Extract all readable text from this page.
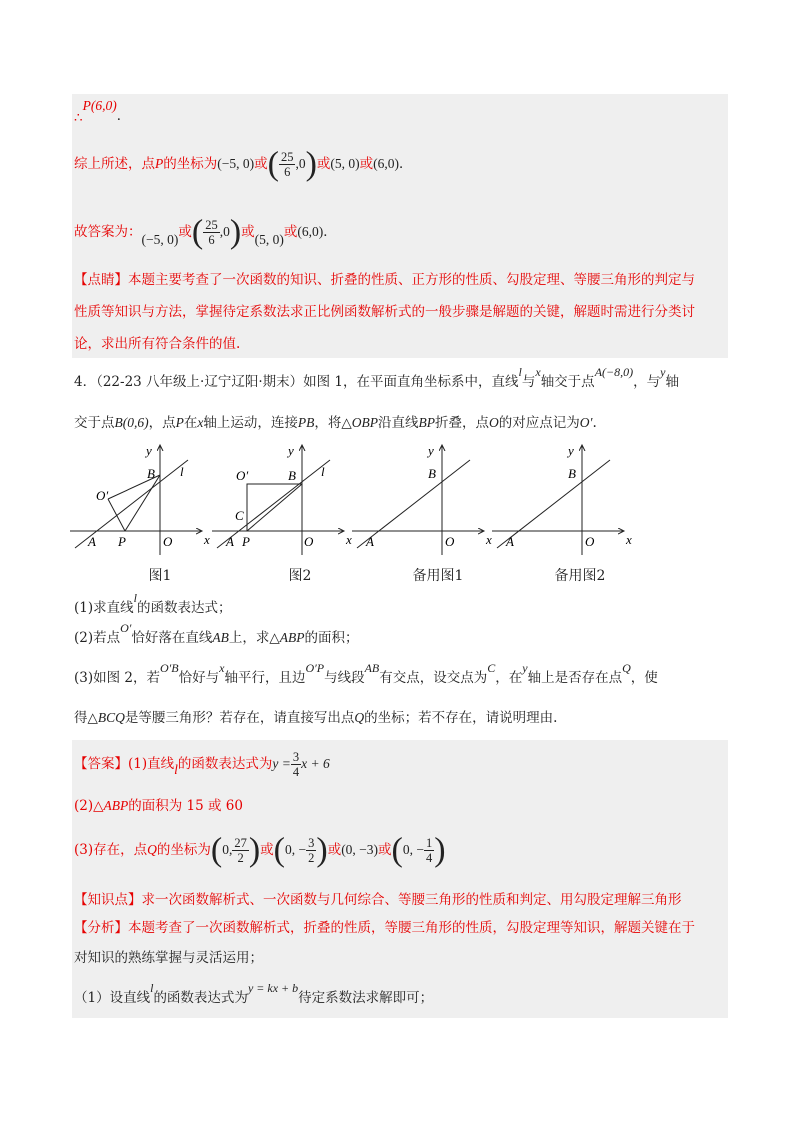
∴P(6,0)．
综上所述，点P的坐标为(−5, 0)或( $\frac{25}{6} ,0$)或(5, 0)或(6,0)．
故答案为：(−5, 0)或( $\frac{25}{6} ,0$)或(5, 0)或(6,0)．
【点睛】本题主要考查了一次函数的知识、折叠的性质、正方形的性质、勾股定理、等腰三角形的判定与
性质等知识与方法，掌握待定系数法求正比例函数解析式的一般步骤是解题的关键，解题时需进行分类讨
论，求出所有符合条件的值.
4．（22-23 八年级上·辽宁辽阳·期末）如图 1，在平面直角坐标系中，直线l与x轴交于点A(−8,0)，与y轴
交于点B(0,6)，点P在x轴上运动，连接PB，将△OBP沿直线BP折叠，点O的对应点记为O′.
y
x
O
A P
B l
O′
y
x
O
A P
B l
O′
C
y
x
O
A
B
y
x
O
A
B
图1	图2	备用图1	备用图2
(1)求直线l的函数表达式；
(2)若点O′恰好落在直线AB上，求△ABP的面积；
(3)如图 2，若O′B恰好与x轴平行，且边O′P与线段AB有交点，设交点为C，在y轴上是否存在点Q，使
得△BCQ是等腰三角形？若存在，请直接写出点Q的坐标；若不存在，请说明理由.
【答案】(1)直线l的函数表达式为$y = \frac{3}{4}$ x + 6
(2)△ABP的面积为 15 或 60
(3)存在，点Q的坐标为(0, $\frac{27}{2}$ )或(0, − $\frac{3}{2}$ )或(0, −3)或(0, − $\frac{1}{4}$ )
【知识点】求一次函数解析式、一次函数与几何综合、等腰三角形的性质和判定、用勾股定理解三角形
【分析】本题考查了一次函数解析式，折叠的性质，等腰三角形的性质，勾股定理等知识，解题关键在于
对知识的熟练掌握与灵活运用；
（1）设直线l的函数表达式为y = kx + b待定系数法求解即可；
